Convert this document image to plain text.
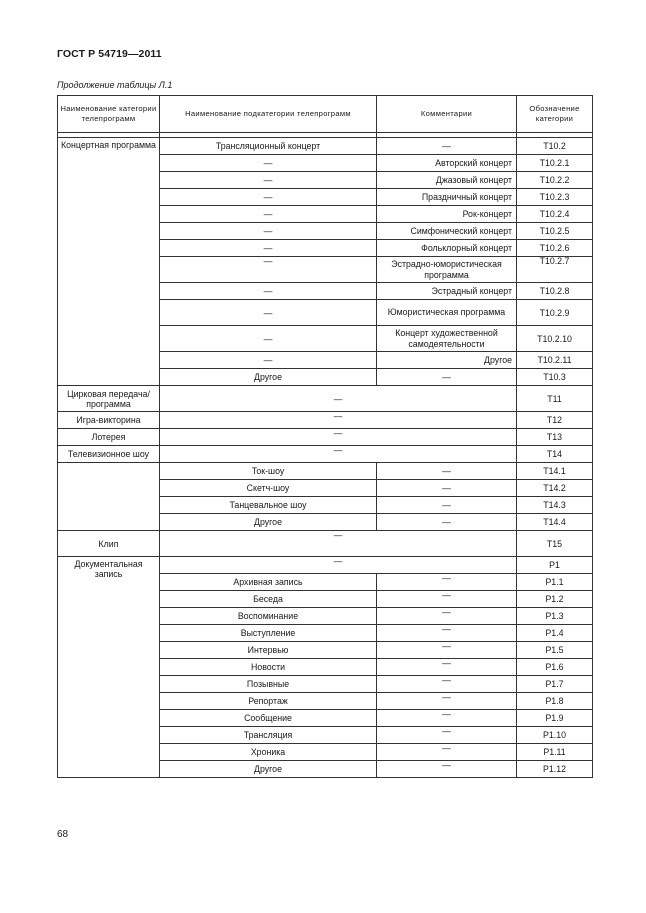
ГОСТ Р 54719—2011
Продолжение таблицы Л.1
Наименование категории телепрограмм	Наименование подкатегории телепрограмм	Комментарии	Обозначение категории

Концертная программа	Трансляционный концерт	—	T10.2
	—	Авторский концерт	T10.2.1
	—	Джазовый концерт	T10.2.2
	—	Праздничный концерт	T10.2.3
	—	Рок-концерт	T10.2.4
	—	Симфонический концерт	T10.2.5
	—	Фольклорный концерт	T10.2.6
	—	Эстрадно-юмористическая программа	T10.2.7
	—	Эстрадный концерт	T10.2.8
	—	Юмористическая программа	T10.2.9
	—	Концерт художественной самодеятельности	T10.2.10
	—	Другое	T10.2.11
	Другое	—	T10.3
Цирковая передача/ программа	—		T11
Игра-викторина	—		T12
Лотерея	—		T13
Телевизионное шоу	—		T14
	Ток-шоу	—	T14.1
	Скетч-шоу	—	T14.2
	Танцевальное шоу	—	T14.3
	Другое	—	T14.4
Клип	—		T15
Документальная запись	—		P1
	Архивная запись	—	P1.1
	Беседа	—	P1.2
	Воспоминание	—	P1.3
	Выступление	—	P1.4
	Интервью	—	P1.5
	Новости	—	P1.6
	Позывные	—	P1.7
	Репортаж	—	P1.8
	Сообщение	—	P1.9
	Трансляция	—	P1.10
	Хроника	—	P1.11
	Другое	—	P1.12
68
